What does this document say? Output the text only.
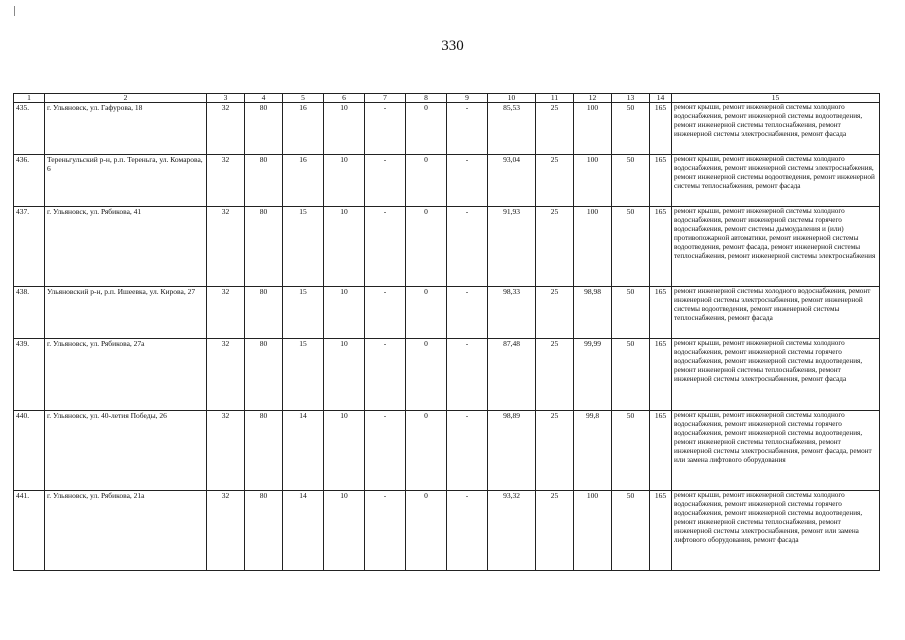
330
1	2	3	4	5	6	7	8	9	10	11	12	13	14	15
435.	г. Ульяновск, ул. Гафурова, 18	32	80	16	10	-	0	-	85,53	25	100	50	165	ремонт крыши, ремонт инженерной системы холодного водоснабжения, ремонт инженерной системы водоотведения, ремонт инженерной системы теплоснабжения, ремонт инженерной системы электроснабжения, ремонт фасада
436.	Тереньгульский р-н, р.п. Тереньга, ул. Комарова, 6	32	80	16	10	-	0	-	93,04	25	100	50	165	ремонт крыши, ремонт инженерной системы холодного водоснабжения, ремонт инженерной системы электроснабжения, ремонт инженерной системы водоотведения, ремонт инженерной системы теплоснабжения, ремонт фасада
437.	г. Ульяновск, ул. Рябикова, 41	32	80	15	10	-	0	-	91,93	25	100	50	165	ремонт крыши, ремонт инженерной системы холодного водоснабжения, ремонт инженерной системы горячего водоснабжения, ремонт системы дымоудаления и (или) противопожарной автоматики, ремонт инженерной системы водоотведения, ремонт фасада, ремонт инженерной системы теплоснабжения, ремонт инженерной системы электроснабжения
438.	Ульяновский р-н, р.п. Ишеевка, ул. Кирова, 27	32	80	15	10	-	0	-	98,33	25	98,98	50	165	ремонт инженерной системы холодного водоснабжения, ремонт инженерной системы электроснабжения, ремонт инженерной системы водоотведения, ремонт инженерной системы теплоснабжения, ремонт фасада
439.	г. Ульяновск, ул. Рябикова, 27а	32	80	15	10	-	0	-	87,48	25	99,99	50	165	ремонт крыши, ремонт инженерной системы холодного водоснабжения, ремонт инженерной системы горячего водоснабжения, ремонт инженерной системы водоотведения, ремонт инженерной системы теплоснабжения, ремонт инженерной системы электроснабжения, ремонт фасада
440.	г. Ульяновск, ул. 40-летия Победы, 26	32	80	14	10	-	0	-	98,89	25	99,8	50	165	ремонт крыши, ремонт инженерной системы холодного водоснабжения, ремонт инженерной системы горячего водоснабжения, ремонт инженерной системы водоотведения, ремонт инженерной системы теплоснабжения, ремонт инженерной системы электроснабжения, ремонт фасада, ремонт или замена лифтового оборудования
441.	г. Ульяновск, ул. Рябикова, 21а	32	80	14	10	-	0	-	93,32	25	100	50	165	ремонт крыши, ремонт инженерной системы холодного водоснабжения, ремонт инженерной системы горячего водоснабжения, ремонт инженерной системы водоотведения, ремонт инженерной системы теплоснабжения, ремонт инженерной системы электроснабжения, ремонт или замена лифтового оборудования, ремонт фасада
